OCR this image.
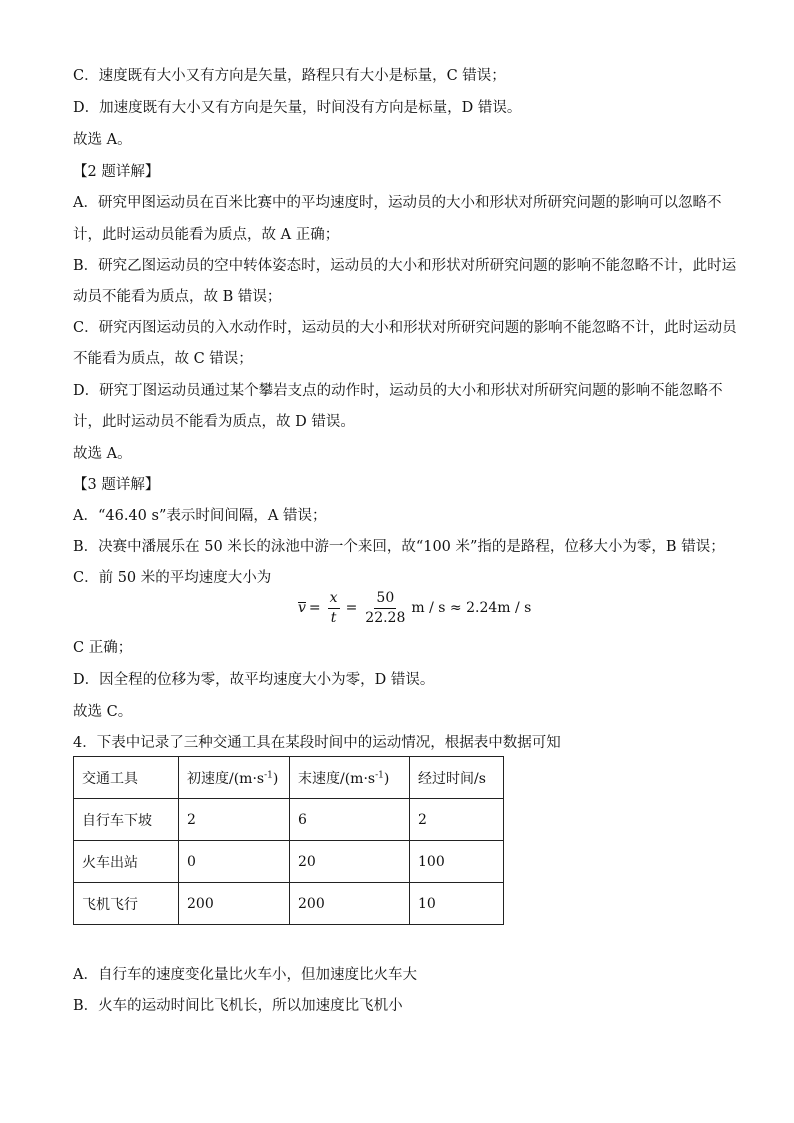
C．速度既有大小又有方向是矢量，路程只有大小是标量，C 错误；
D．加速度既有大小又有方向是矢量，时间没有方向是标量，D 错误。
故选 A。
【2 题详解】
A．研究甲图运动员在百米比赛中的平均速度时，运动员的大小和形状对所研究问题的影响可以忽略不
计，此时运动员能看为质点，故 A 正确；
B．研究乙图运动员的空中转体姿态时，运动员的大小和形状对所研究问题的影响不能忽略不计，此时运
动员不能看为质点，故 B 错误；
C．研究丙图运动员的入水动作时，运动员的大小和形状对所研究问题的影响不能忽略不计，此时运动员
不能看为质点，故 C 错误；
D．研究丁图运动员通过某个攀岩支点的动作时，运动员的大小和形状对所研究问题的影响不能忽略不
计，此时运动员不能看为质点，故 D 错误。
故选 A。
【3 题详解】
A．“46.40 s”表示时间间隔，A 错误；
B．决赛中潘展乐在 50 米长的泳池中游一个来回，故“100 米”指的是路程，位移大小为零，B 错误；
C．前 50 米的平均速度大小为
$v = \frac{x}{t} = \frac{50}{22.28}$ m / s ≈ 2.24m / s
C 正确；
D．因全程的位移为零，故平均速度大小为零，D 错误。
故选 C。
4．下表中记录了三种交通工具在某段时间中的运动情况，根据表中数据可知
交通工具	初速度$/(m\cdot s^{-1})$	末速度$/(m\cdot s^{-1})$	经过时间/s
自行车下坡	2	6	2
火车出站	0	20	100
飞机飞行	200	200	10
A．自行车的速度变化量比火车小，但加速度比火车大
B．火车的运动时间比飞机长，所以加速度比飞机小
